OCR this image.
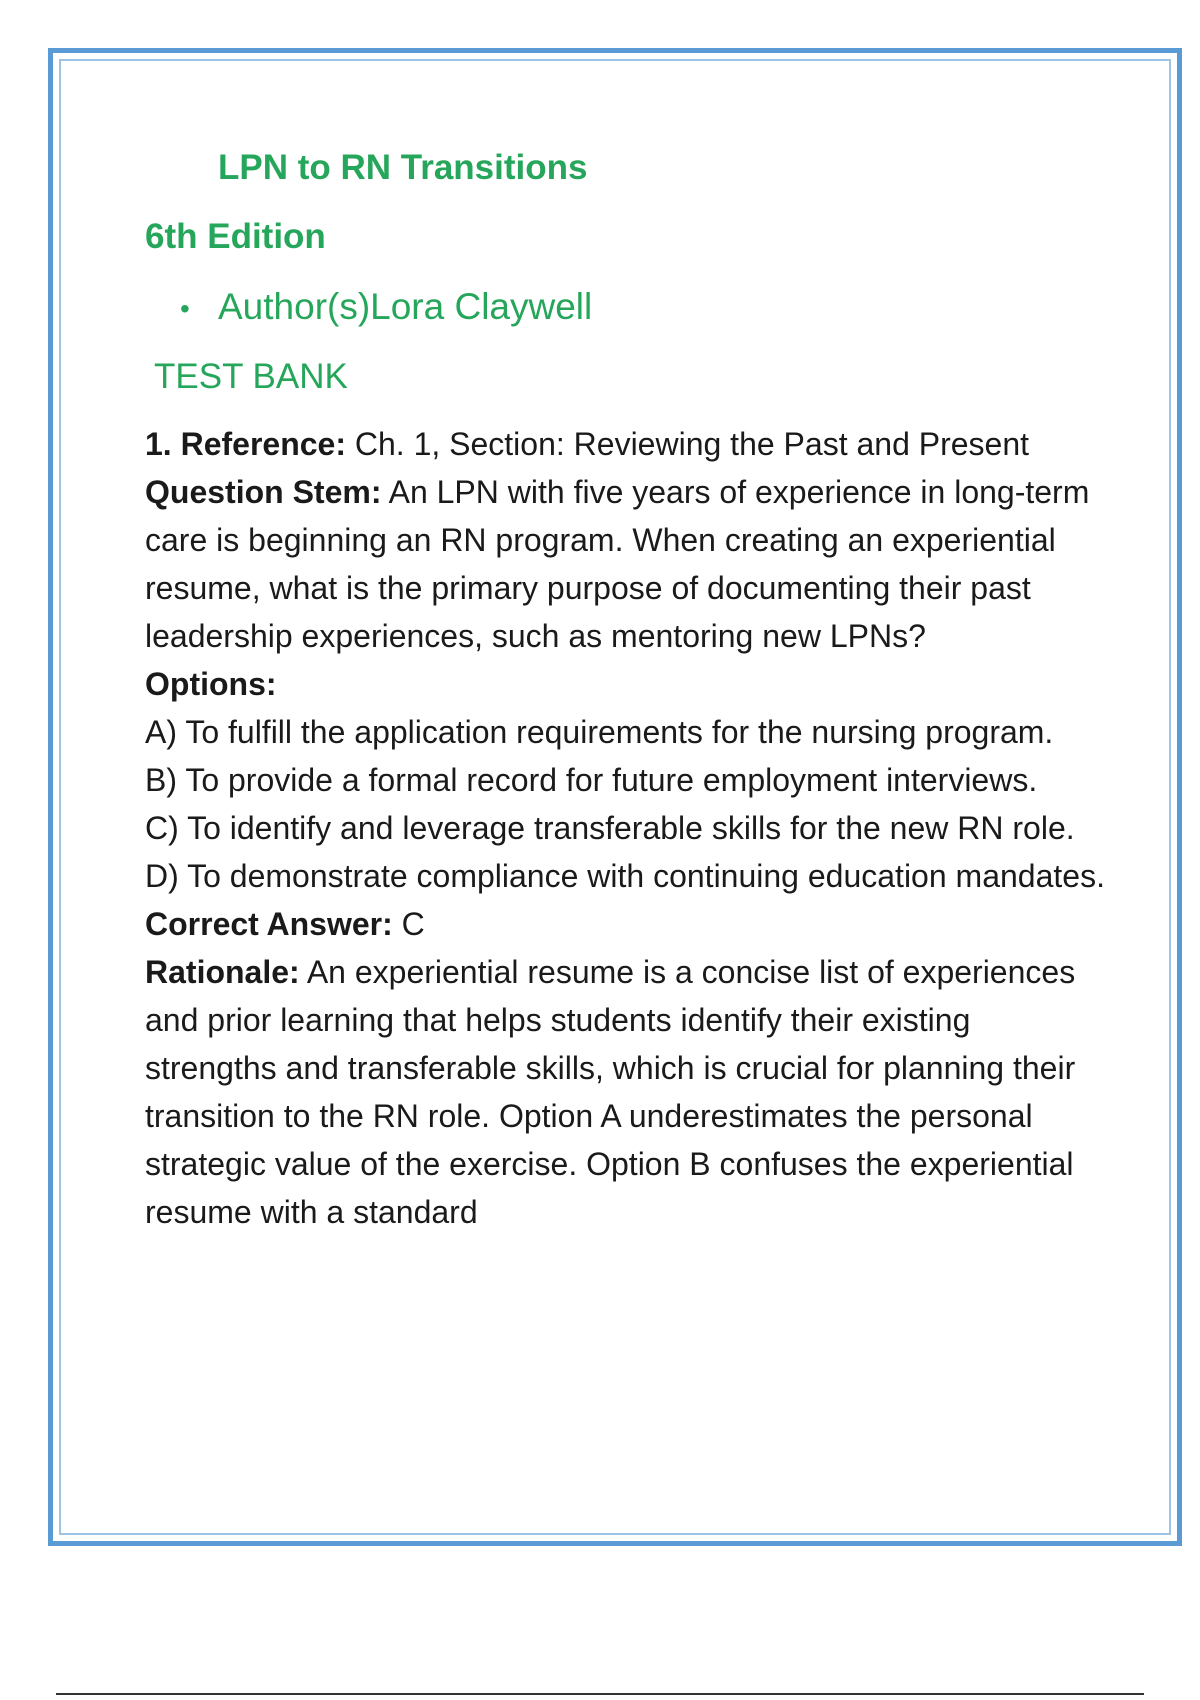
LPN to RN Transitions
6th Edition
• Author(s)Lora Claywell
TEST BANK

1. Reference: Ch. 1, Section: Reviewing the Past and Present

Question Stem: An LPN with five years of experience in long-term care is beginning an RN program. When creating an experiential resume, what is the primary purpose of documenting their past leadership experiences, such as mentoring new LPNs?

Options:

A) To fulfill the application requirements for the nursing program.

B) To provide a formal record for future employment interviews.

C) To identify and leverage transferable skills for the new RN role.

D) To demonstrate compliance with continuing education mandates.

Correct Answer: C

Rationale: An experiential resume is a concise list of experiences and prior learning that helps students identify their existing strengths and transferable skills, which is crucial for planning their transition to the RN role. Option A underestimates the personal strategic value of the exercise. Option B confuses the experiential resume with a standard
